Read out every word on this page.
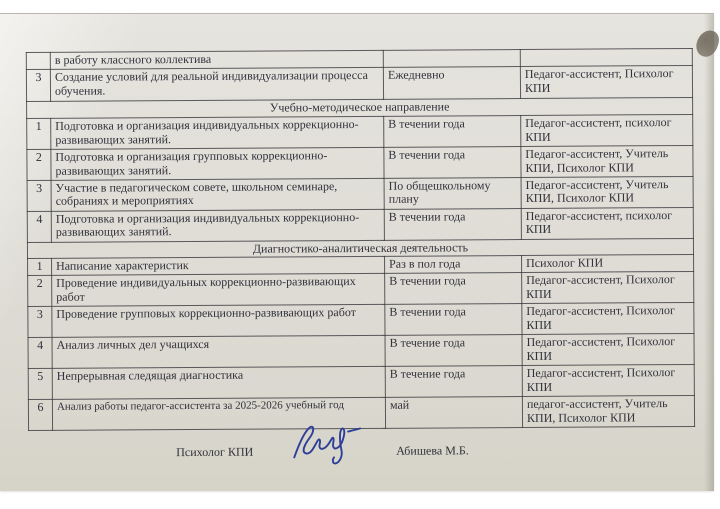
	в работу классного коллектива		
3	Создание условий для реальной индивидуализации процесса обучения.	Ежедневно	Педагог-ассистент, Психолог КПИ
Учебно-методическое направление			
1	Подготовка и организация индивидуальных коррекционно-развивающих занятий.	В течении года	Педагог-ассистент, психолог КПИ
2	Подготовка и организация групповых коррекционно-развивающих занятий.	В течении года	Педагог-ассистент, Учитель КПИ, Психолог КПИ
3	Участие в педагогическом совете, школьном семинаре, собраниях и мероприятиях	По общешкольному плану	Педагог-ассистент, Учитель КПИ, Психолог КПИ
4	Подготовка и организация индивидуальных коррекционно-развивающих занятий.	В течении года	Педагог-ассистент, психолог КПИ
Диагностико-аналитическая деятельность			
1	Написание характеристик	Раз в пол года	Психолог КПИ
2	Проведение индивидуальных коррекционно-развивающих работ	В течении года	Педагог-ассистент, Психолог КПИ
3	Проведение групповых коррекционно-развивающих работ	В течении года	Педагог-ассистент, Психолог КПИ
4	Анализ личных дел учащихся	В течение года	Педагог-ассистент, Психолог КПИ
5	Непрерывная следящая диагностика	В течение года	Педагог-ассистент, Психолог КПИ
6	Анализ работы педагог-ассистента за 2025-2026 учебный год	май	педагог-ассистент, Учитель КПИ, Психолог КПИ
Психолог КПИ	Абишева М.Б.
